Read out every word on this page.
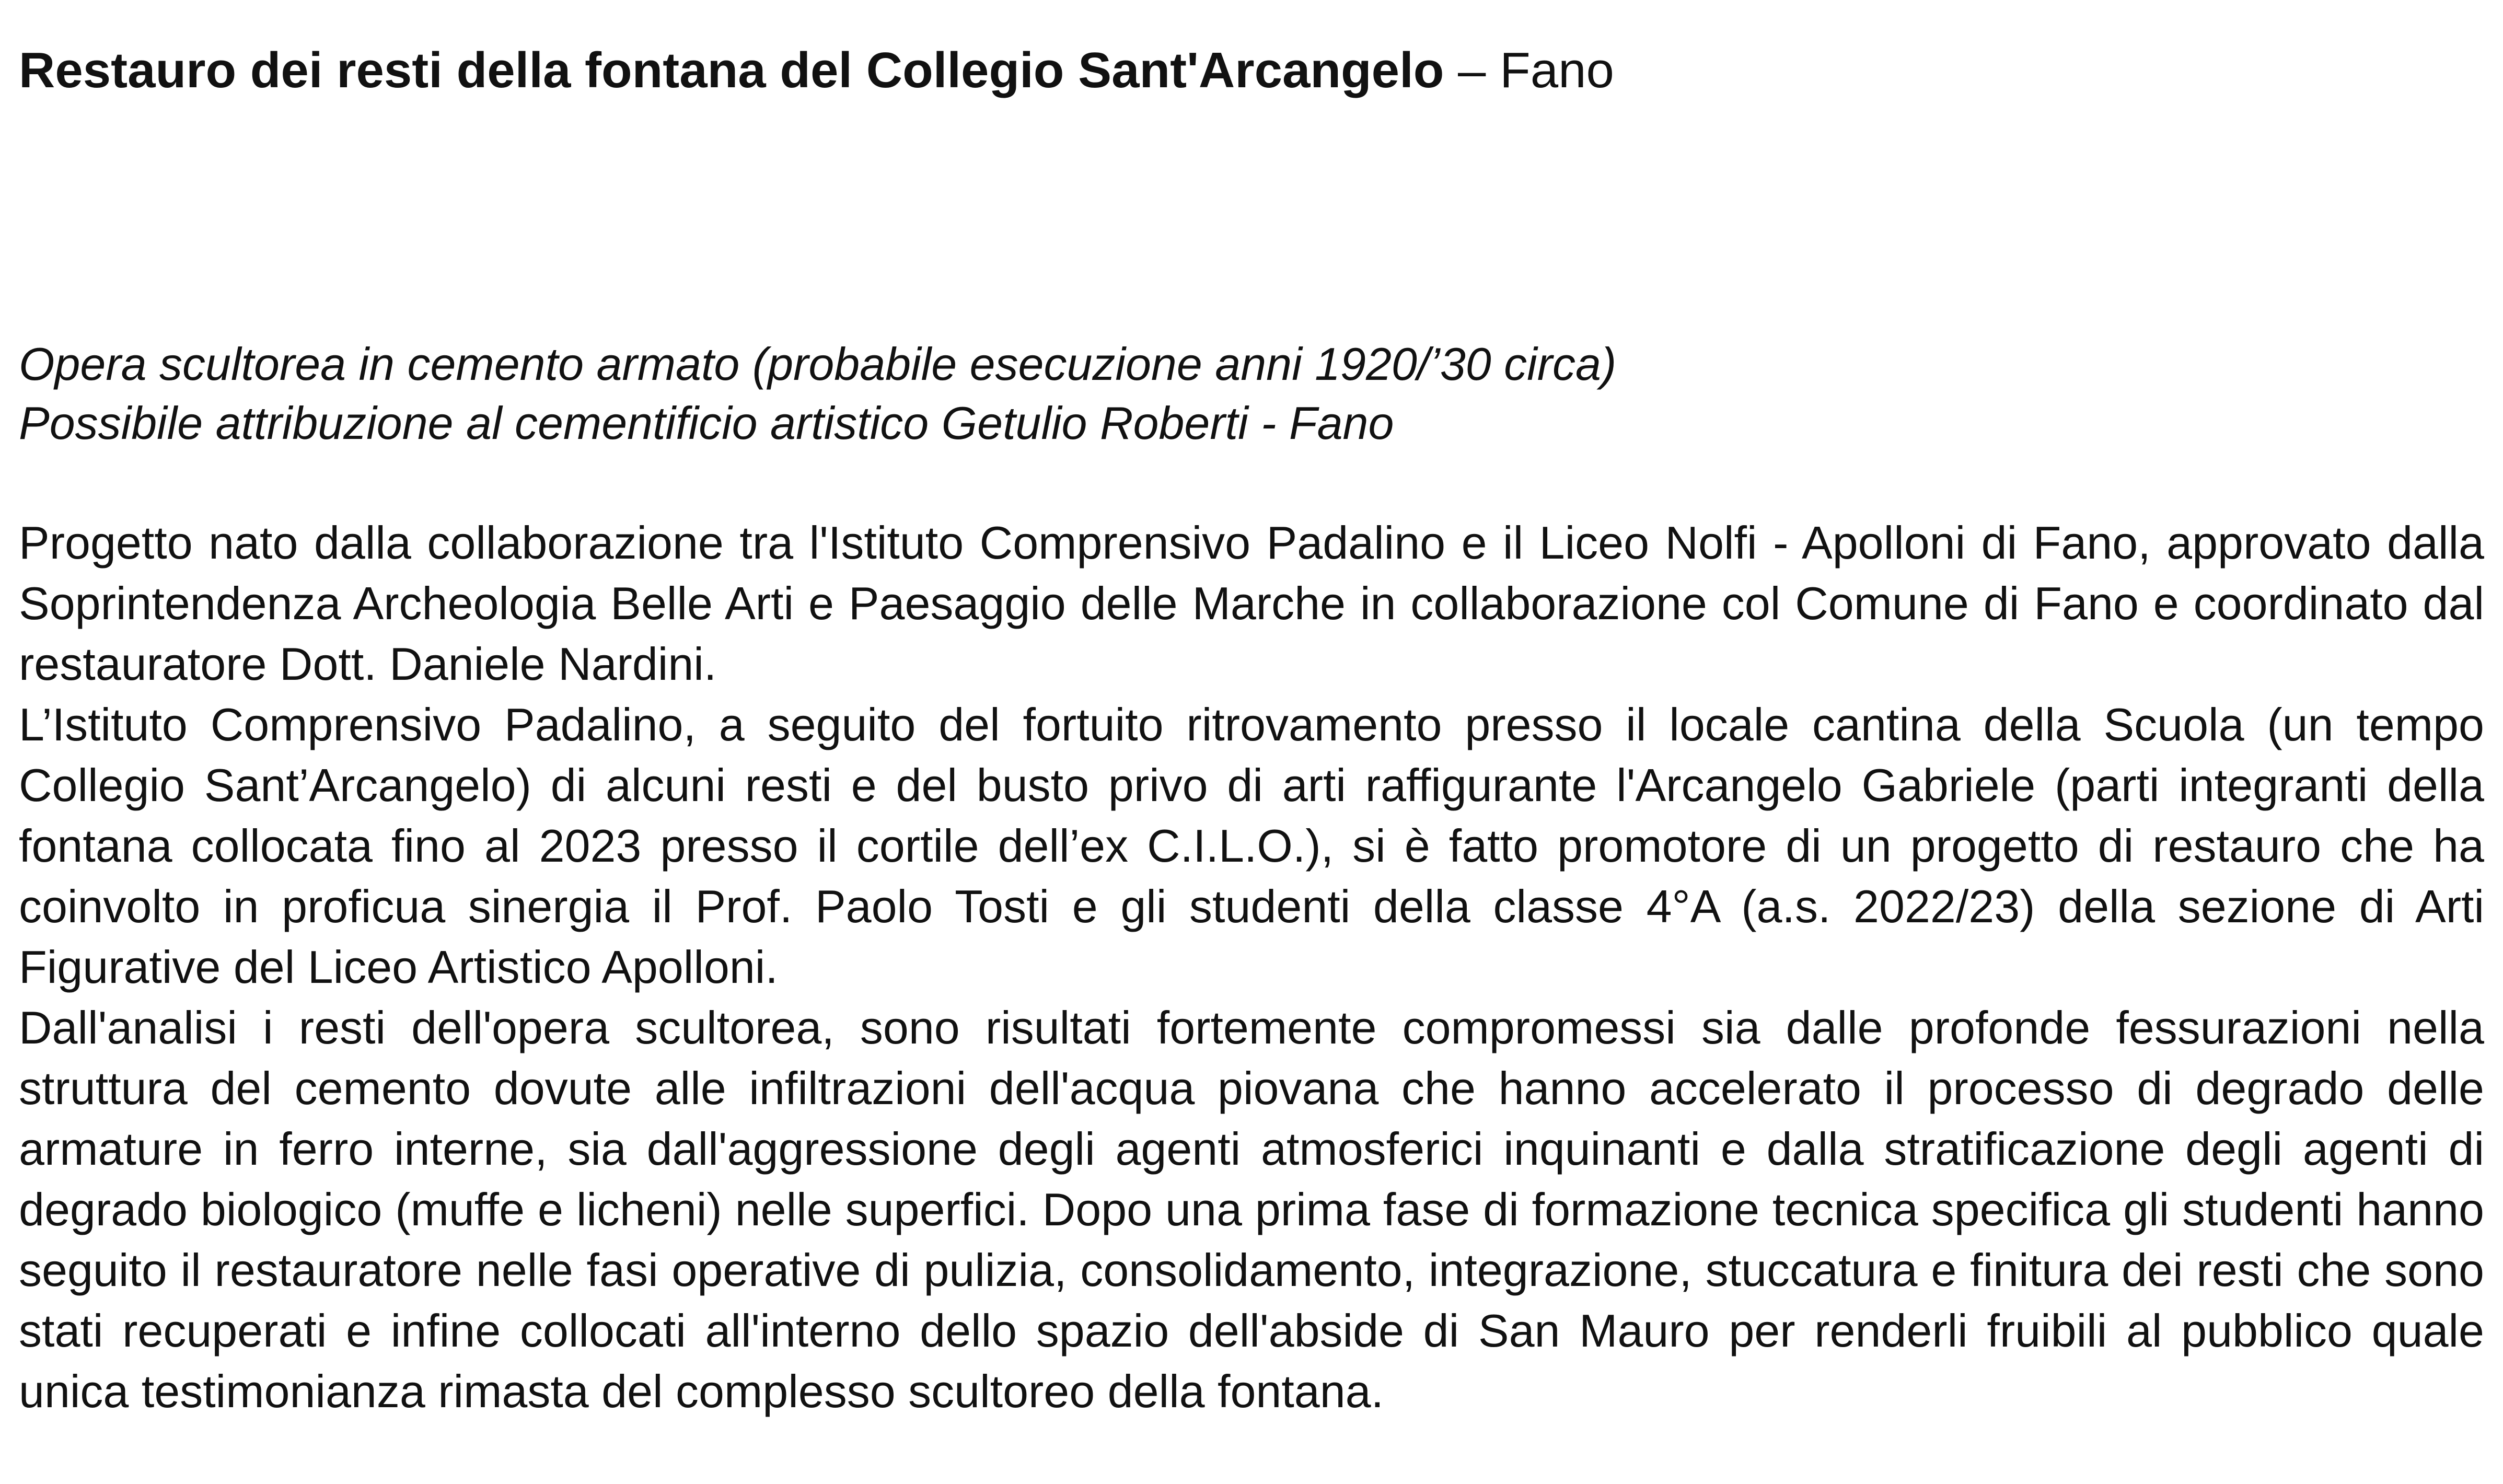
Restauro dei resti della fontana del Collegio Sant'Arcangelo – Fano
Opera scultorea in cemento armato (probabile esecuzione anni 1920/’30 circa)
Possibile attribuzione al cementificio artistico Getulio Roberti - Fano

Progetto nato dalla collaborazione tra l'Istituto Comprensivo Padalino e il Liceo Nolfi - Apolloni di Fano, approvato dalla Soprintendenza Archeologia Belle Arti e Paesaggio delle Marche in collaborazione col Comune di Fano e coordinato dal restauratore Dott. Daniele Nardini.

L’Istituto Comprensivo Padalino, a seguito del fortuito ritrovamento presso il locale cantina della Scuola (un tempo Collegio Sant’Arcangelo) di alcuni resti e del busto privo di arti raffigurante l'Arcangelo Gabriele (parti integranti della fontana collocata fino al 2023 presso il cortile dell’ex C.I.L.O.), si è fatto promotore di un progetto di restauro che ha coinvolto in proficua sinergia il Prof. Paolo Tosti e gli studenti della classe 4°A (a.s. 2022/23) della sezione di Arti Figurative del Liceo Artistico Apolloni.

Dall'analisi i resti dell'opera scultorea, sono risultati fortemente compromessi sia dalle profonde fessurazioni nella struttura del cemento dovute alle infiltrazioni dell'acqua piovana che hanno accelerato il processo di degrado delle armature in ferro interne, sia dall'aggressione degli agenti atmosferici inquinanti e dalla stratificazione degli agenti di degrado biologico (muffe e licheni) nelle superfici. Dopo una prima fase di formazione tecnica specifica gli studenti hanno seguito il restauratore nelle fasi operative di pulizia, consolidamento, integrazione, stuccatura e finitura dei resti che sono stati recuperati e infine collocati all'interno dello spazio dell'abside di San Mauro per renderli fruibili al pubblico quale unica testimonianza rimasta del complesso scultoreo della fontana.
